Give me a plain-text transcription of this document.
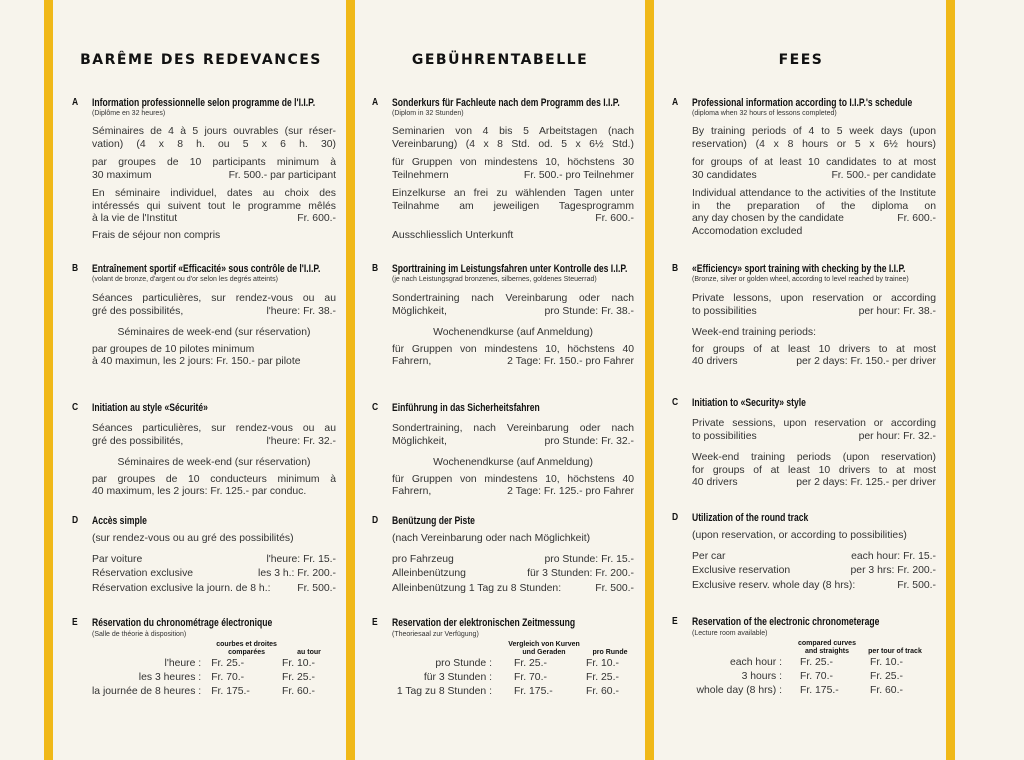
BARÊME DES REDEVANCES
A Information professionnelle selon programme de l'I.I.P.
(Diplôme en 32 heures)
Séminaires de 4 à 5 jours ouvrables (sur réservation) (4 x 8 h. ou 5 x 6 h. 30)
par groupes de 10 participants minimum à
30 maximum	Fr. 500.- par participant
En séminaire individuel, dates au choix des intéressés qui suivent tout le programme mêlés
à la vie de l'Institut	Fr. 600.-
Frais de séjour non compris
B Entraînement sportif «Efficacité» sous contrôle de l'I.I.P.
(volant de bronze, d'argent ou d'or selon les degrés atteints)
Séances particulières, sur rendez-vous ou au
gré des possibilités,	l'heure: Fr. 38.-
Séminaires de week-end (sur réservation)
par groupes de 10 pilotes minimum
à 40 maximun, les 2 jours: Fr. 150.- par pilote
C Initiation au style «Sécurité»
Séances particulières, sur rendez-vous ou au
gré des possibilités,	l'heure: Fr. 32.-
Séminaires de week-end (sur réservation)
par groupes de 10 conducteurs minimum à
40 maximum, les 2 jours: Fr. 125.- par conduc.
D Accès simple
(sur rendez-vous ou au gré des possibilités)
Par voiture	l'heure: Fr. 15.-
Réservation exclusive	les 3 h.: Fr. 200.-
Réservation exclusive la journ. de 8 h.:	Fr. 500.-
E Réservation du chronométrage électronique
(Salle de théorie à disposition)
	courbes et droites comparées	au tour
l'heure :	Fr. 25.-	Fr. 10.-
les 3 heures :	Fr. 70.-	Fr. 25.-
la journée de 8 heures :	Fr. 175.-	Fr. 60.-
GEBÜHRENTABELLE
A Sonderkurs für Fachleute nach dem Programm des I.I.P.
(Diplom in 32 Stunden)
Seminarien von 4 bis 5 Arbeitstagen (nach Vereinbarung) (4 x 8 Std. od. 5 x 6½ Std.)
für Gruppen von mindestens 10, höchstens 30
Teilnehmern	Fr. 500.- pro Teilnehmer
Einzelkurse an frei zu wählenden Tagen unter Teilnahme am jeweiligen Tagesprogramm
Fr. 600.-
Ausschliesslich Unterkunft
B Sporttraining im Leistungsfahren unter Kontrolle des I.I.P.
(je nach Leistungsgrad bronzenes, silbernes, goldenes Steuerrad)
Sondertraining nach Vereinbarung oder nach
Möglichkeit,	pro Stunde: Fr. 38.-
Wochenendkurse (auf Anmeldung)
für Gruppen von mindestens 10, höchstens 40
Fahrern,	2 Tage: Fr. 150.- pro Fahrer
C Einführung in das Sicherheitsfahren
Sondertraining, nach Vereinbarung oder nach
Möglichkeit,	pro Stunde: Fr. 32.-
Wochenendkurse (auf Anmeldung)
für Gruppen von mindestens 10, höchstens 40
Fahrern,	2 Tage: Fr. 125.- pro Fahrer
D Benützung der Piste
(nach Vereinbarung oder nach Möglichkeit)
pro Fahrzeug	pro Stunde: Fr. 15.-
Alleinbenützung	für 3 Stunden: Fr. 200.-
Alleinbenützung 1 Tag zu 8 Stunden:	Fr. 500.-
E Reservation der elektronischen Zeitmessung
(Theoriesaal zur Verfügung)
	Vergleich von Kurven und Geraden	pro Runde
pro Stunde :	Fr. 25.-	Fr. 10.-
für 3 Stunden :	Fr. 70.-	Fr. 25.-
1 Tag zu 8 Stunden :	Fr. 175.-	Fr. 60.-
FEES
A Professional information according to I.I.P.'s schedule
(diploma when 32 hours of lessons completed)
By training periods of 4 to 5 week days (upon reservation) (4 x 8 hours or 5 x 6½ hours)
for groups of at least 10 candidates to at most
30 candidates	Fr. 500.- per candidate
Individual attendance to the activities of the Institute in the preparation of the diploma on
any day chosen by the candidate	Fr. 600.-
Accomodation excluded
B «Efficiency» sport training with checking by the I.I.P.
(Bronze, silver or golden wheel, according to level reached by trainee)
Private lessons, upon reservation or according
to possibilities	per hour: Fr. 38.-
Week-end training periods:
for groups of at least 10 drivers to at most
40 drivers	per 2 days: Fr. 150.- per driver
C Initiation to «Security» style
Private sessions, upon reservation or according
to possibilities	per hour: Fr. 32.-
Week-end training periods (upon reservation)
for groups of at least 10 drivers to at most
40 drivers	per 2 days: Fr. 125.- per driver
D Utilization of the round track
(upon reservation, or according to possibilities)
Per car	each hour: Fr. 15.-
Exclusive reservation	per 3 hrs: Fr. 200.-
Exclusive reserv. whole day (8 hrs):	Fr. 500.-
E Reservation of the electronic chronometerage
(Lecture room available)
	compared curves and straights	per tour of track
each hour :	Fr. 25.-	Fr. 10.-
3 hours :	Fr. 70.-	Fr. 25.-
whole day (8 hrs) :	Fr. 175.-	Fr. 60.-
